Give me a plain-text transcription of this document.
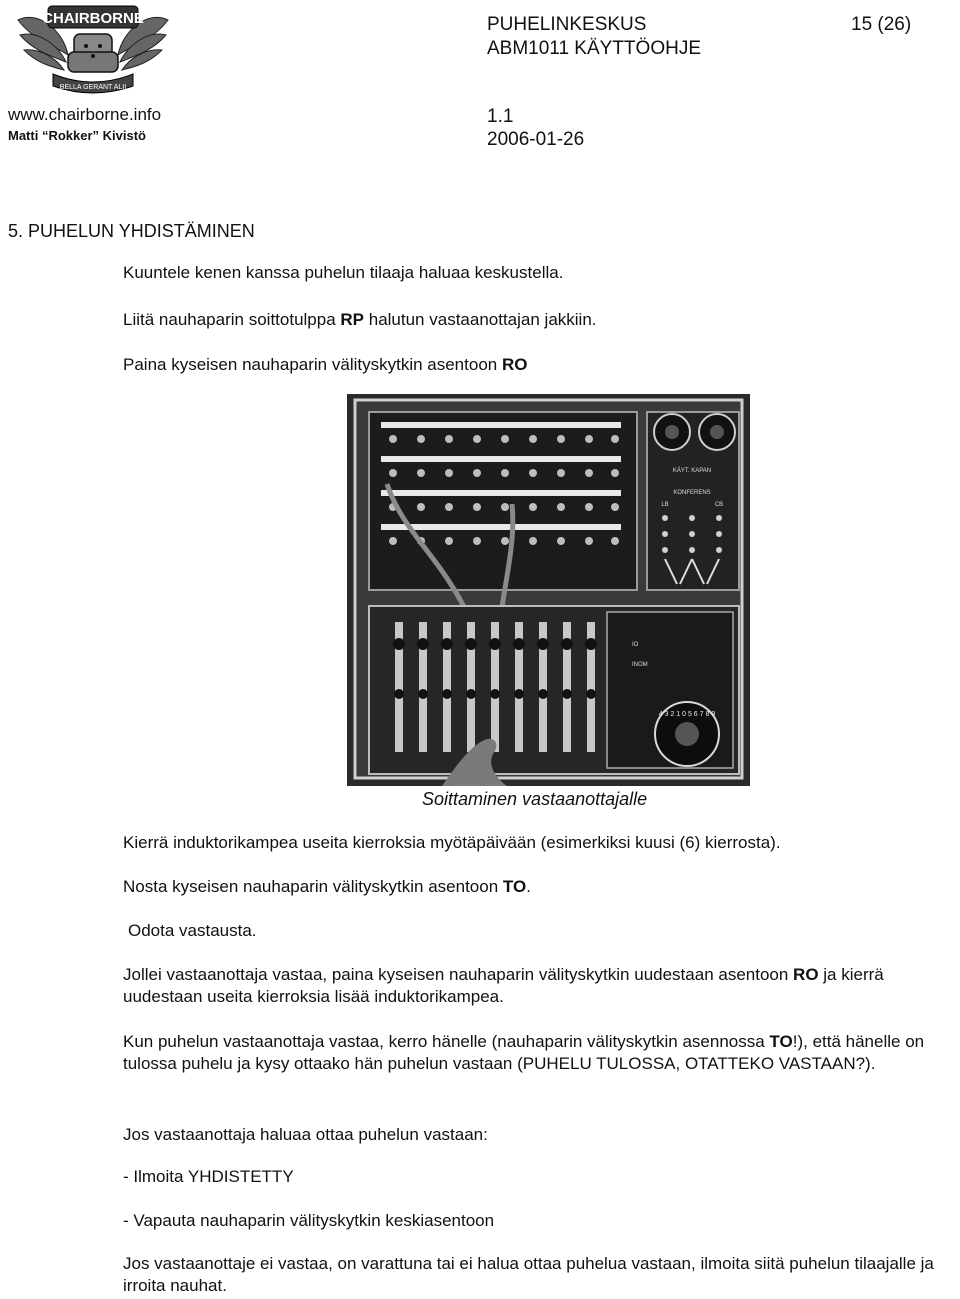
CHAIRBORNE
BELLA GERANT ALII
www.chairborne.info
Matti “Rokker” Kivistö
PUHELINKESKUS
ABM1011 KÄYTTÖOHJE
15 (26)
1.1
2006-01-26
5. PUHELUN YHDISTÄMINEN
Kuuntele kenen kanssa puhelun tilaaja haluaa keskustella.
Liitä nauhaparin soittotulppa RP halutun vastaanottajan jakkiin.
Paina kyseisen nauhaparin välityskytkin asentoon RO
KÄYT. KAPAN
KONFERENS
LB	CB
IO
INOM
4 3 2 1 0 5 6 7 8 9
Soittaminen vastaanottajalle
Kierrä induktorikampea useita kierroksia myötäpäivään (esimerkiksi kuusi (6) kierrosta).
Nosta kyseisen nauhaparin välityskytkin asentoon TO.
Odota vastausta.
Jollei vastaanottaja vastaa, paina kyseisen nauhaparin välityskytkin uudestaan asentoon RO ja kierrä uudestaan useita kierroksia lisää induktorikampea.
Kun puhelun vastaanottaja vastaa, kerro hänelle (nauhaparin välityskytkin asennossa TO!), että hänelle on tulossa puhelu ja kysy ottaako hän puhelun vastaan (PUHELU TULOSSA, OTATTEKO VASTAAN?).
Jos vastaanottaja haluaa ottaa puhelun vastaan:
- Ilmoita YHDISTETTY
- Vapauta nauhaparin välityskytkin keskiasentoon
Jos vastaanottaje ei vastaa, on varattuna tai ei halua ottaa puhelua vastaan, ilmoita siitä puhelun tilaajalle ja irroita nauhat.
